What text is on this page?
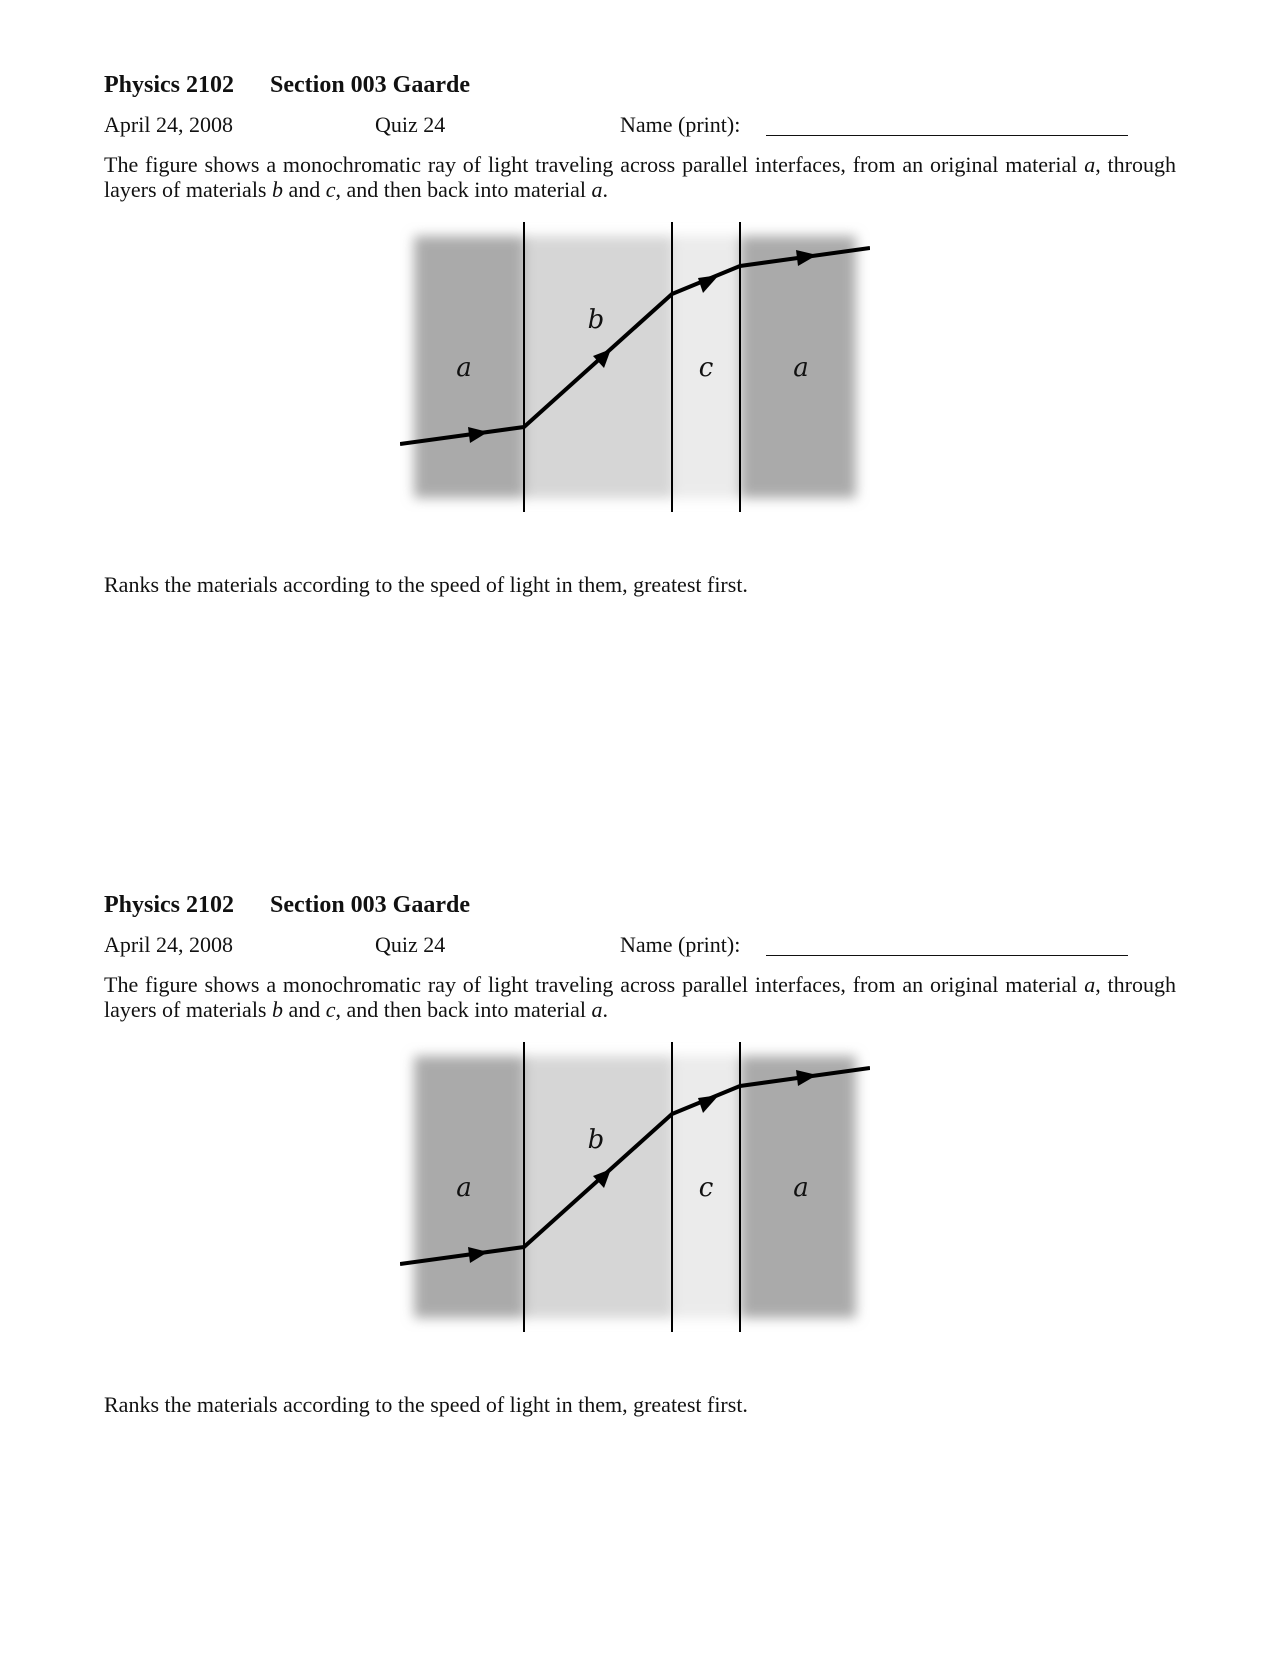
Physics 2102 Section 003 Gaarde
April 24, 2008	Quiz 24	Name (print):

The figure shows a monochromatic ray of light traveling across parallel interfaces, from an original material a, through layers of materials b and c, and then back into material a.

a
b
c	a
Ranks the materials according to the speed of light in them, greatest first.
Physics 2102 Section 003 Gaarde
April 24, 2008	Quiz 24	Name (print):

The figure shows a monochromatic ray of light traveling across parallel interfaces, from an original material a, through layers of materials b and c, and then back into material a.

a
b
c	a
Ranks the materials according to the speed of light in them, greatest first.
